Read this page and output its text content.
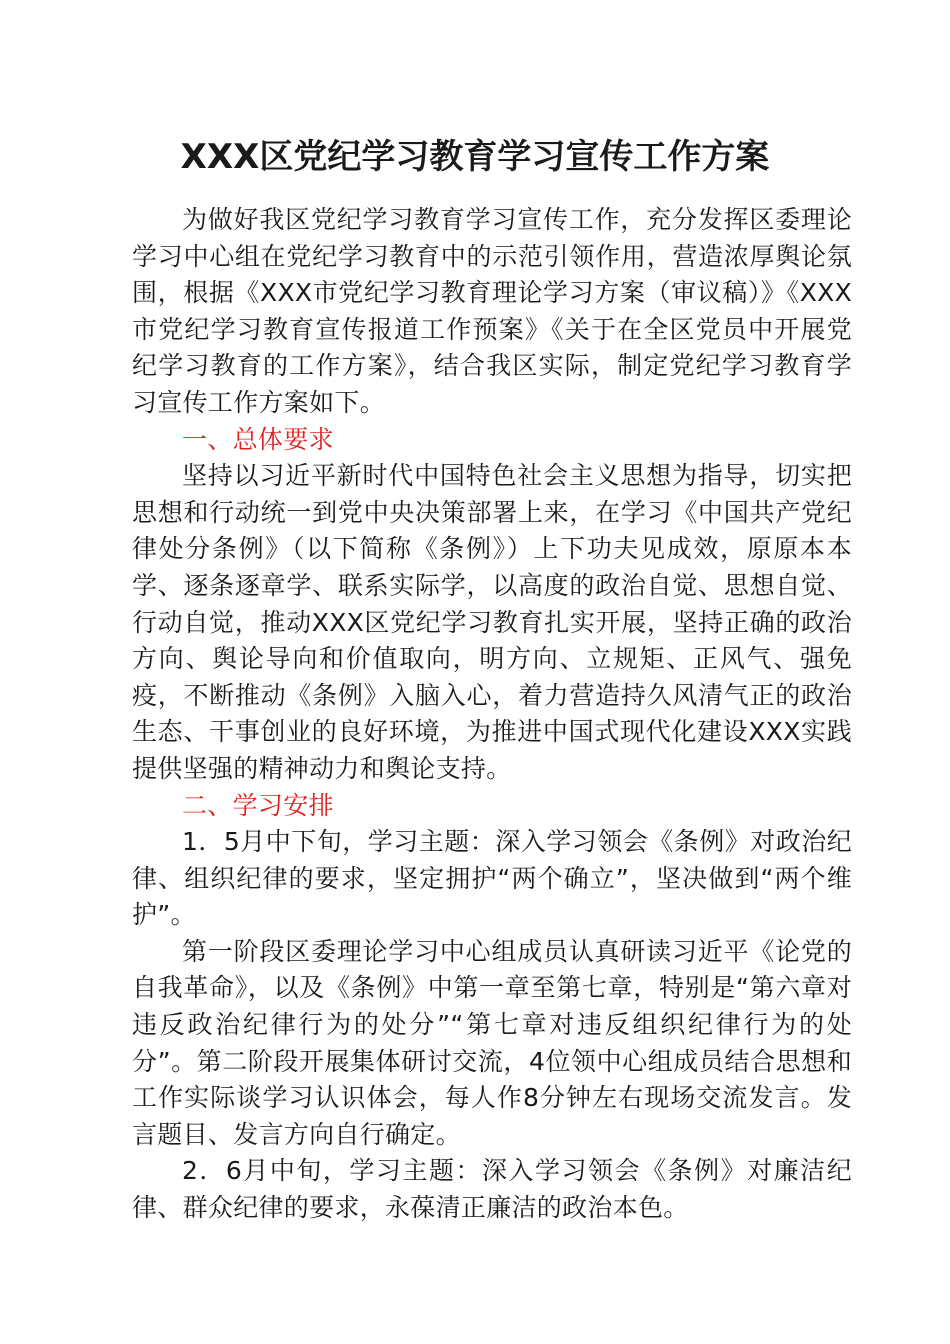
XXX区党纪学习教育学习宣传工作方案

为做好我区党纪学习教育学习宣传工作，充分发挥区委理论学习中心组在党纪学习教育中的示范引领作用，营造浓厚舆论氛围，根据《XXX市党纪学习教育理论学习方案（审议稿）》《XXX市党纪学习教育宣传报道工作预案》《关于在全区党员中开展党纪学习教育的工作方案》，结合我区实际，制定党纪学习教育学习宣传工作方案如下。

一、总体要求

坚持以习近平新时代中国特色社会主义思想为指导，切实把思想和行动统一到党中央决策部署上来，在学习《中国共产党纪律处分条例》（以下简称《条例》）上下功夫见成效，原原本本学、逐条逐章学、联系实际学，以高度的政治自觉、思想自觉、行动自觉，推动XXX区党纪学习教育扎实开展，坚持正确的政治方向、舆论导向和价值取向，明方向、立规矩、正风气、强免疫，不断推动《条例》入脑入心，着力营造持久风清气正的政治生态、干事创业的良好环境，为推进中国式现代化建设XXX实践提供坚强的精神动力和舆论支持。

二、学习安排

1．5月中下旬，学习主题：深入学习领会《条例》对政治纪律、组织纪律的要求，坚定拥护“两个确立”，坚决做到“两个维护”。

第一阶段区委理论学习中心组成员认真研读习近平《论党的自我革命》，以及《条例》中第一章至第七章，特别是“第六章对违反政治纪律行为的处分”“第七章对违反组织纪律行为的处分”。第二阶段开展集体研讨交流，4位领中心组成员结合思想和工作实际谈学习认识体会，每人作8分钟左右现场交流发言。发言题目、发言方向自行确定。

2．6月中旬，学习主题：深入学习领会《条例》对廉洁纪律、群众纪律的要求，永葆清正廉洁的政治本色。
